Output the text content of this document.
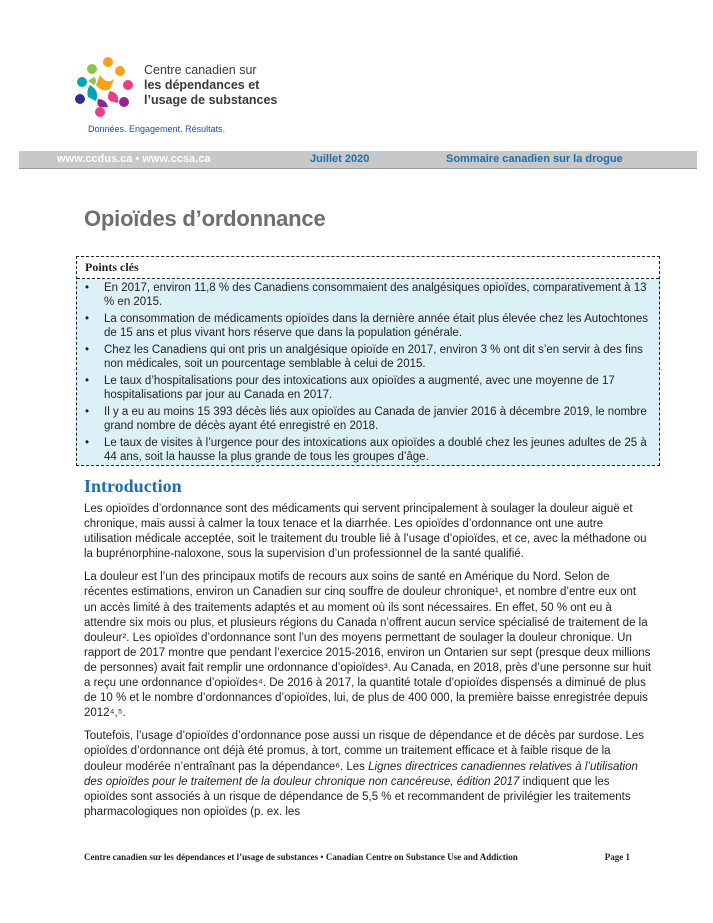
Centre canadien sur
les dépendances et
l’usage de substances
Données. Engagement. Résultats.
www.ccdus.ca • www.ccsa.ca	Juillet 2020	Sommaire canadien sur la drogue
Opioïdes d’ordonnance
Points clés
• En 2017, environ 11,8 % des Canadiens consommaient des analgésiques opioïdes, comparativement à 13 % en 2015.
• La consommation de médicaments opioïdes dans la dernière année était plus élevée chez les Autochtones de 15 ans et plus vivant hors réserve que dans la population générale.
• Chez les Canadiens qui ont pris un analgésique opioïde en 2017, environ 3 % ont dit s’en servir à des fins non médicales, soit un pourcentage semblable à celui de 2015.
• Le taux d’hospitalisations pour des intoxications aux opioïdes a augmenté, avec une moyenne de 17 hospitalisations par jour au Canada en 2017.
• Il y a eu au moins 15 393 décès liés aux opioïdes au Canada de janvier 2016 à décembre 2019, le nombre grand nombre de décès ayant été enregistré en 2018.
• Le taux de visites à l’urgence pour des intoxications aux opioïdes a doublé chez les jeunes adultes de 25 à 44 ans, soit la hausse la plus grande de tous les groupes d’âge.
Introduction

Les opioïdes d’ordonnance sont des médicaments qui servent principalement à soulager la douleur aiguë et chronique, mais aussi à calmer la toux tenace et la diarrhée. Les opioïdes d’ordonnance ont une autre utilisation médicale acceptée, soit le traitement du trouble lié à l’usage d’opioïdes, et ce, avec la méthadone ou la buprénorphine-naloxone, sous la supervision d’un professionnel de la santé qualifié.

La douleur est l’un des principaux motifs de recours aux soins de santé en Amérique du Nord. Selon de récentes estimations, environ un Canadien sur cinq souffre de douleur chronique¹, et nombre d’entre eux ont un accès limité à des traitements adaptés et au moment où ils sont nécessaires. En effet, 50 % ont eu à attendre six mois ou plus, et plusieurs régions du Canada n’offrent aucun service spécialisé de traitement de la douleur². Les opioïdes d’ordonnance sont l’un des moyens permettant de soulager la douleur chronique. Un rapport de 2017 montre que pendant l’exercice 2015-2016, environ un Ontarien sur sept (presque deux millions de personnes) avait fait remplir une ordonnance d’opioïdes³. Au Canada, en 2018, près d’une personne sur huit a reçu une ordonnance d’opioïdes⁴. De 2016 à 2017, la quantité totale d’opioïdes dispensés a diminué de plus de 10 % et le nombre d’ordonnances d’opioïdes, lui, de plus de 400 000, la première baisse enregistrée depuis 2012⁴,⁵.

Toutefois, l’usage d’opioïdes d’ordonnance pose aussi un risque de dépendance et de décès par surdose. Les opioïdes d’ordonnance ont déjà été promus, à tort, comme un traitement efficace et à faible risque de la douleur modérée n’entraînant pas la dépendance⁶. Les Lignes directrices canadiennes relatives à l’utilisation des opioïdes pour le traitement de la douleur chronique non cancéreuse, édition 2017 indiquent que les opioïdes sont associés à un risque de dépendance de 5,5 % et recommandent de privilégier les traitements pharmacologiques non opioïdes (p. ex. les

Centre canadien sur les dépendances et l’usage de substances • Canadian Centre on Substance Use and Addiction	Page 1
